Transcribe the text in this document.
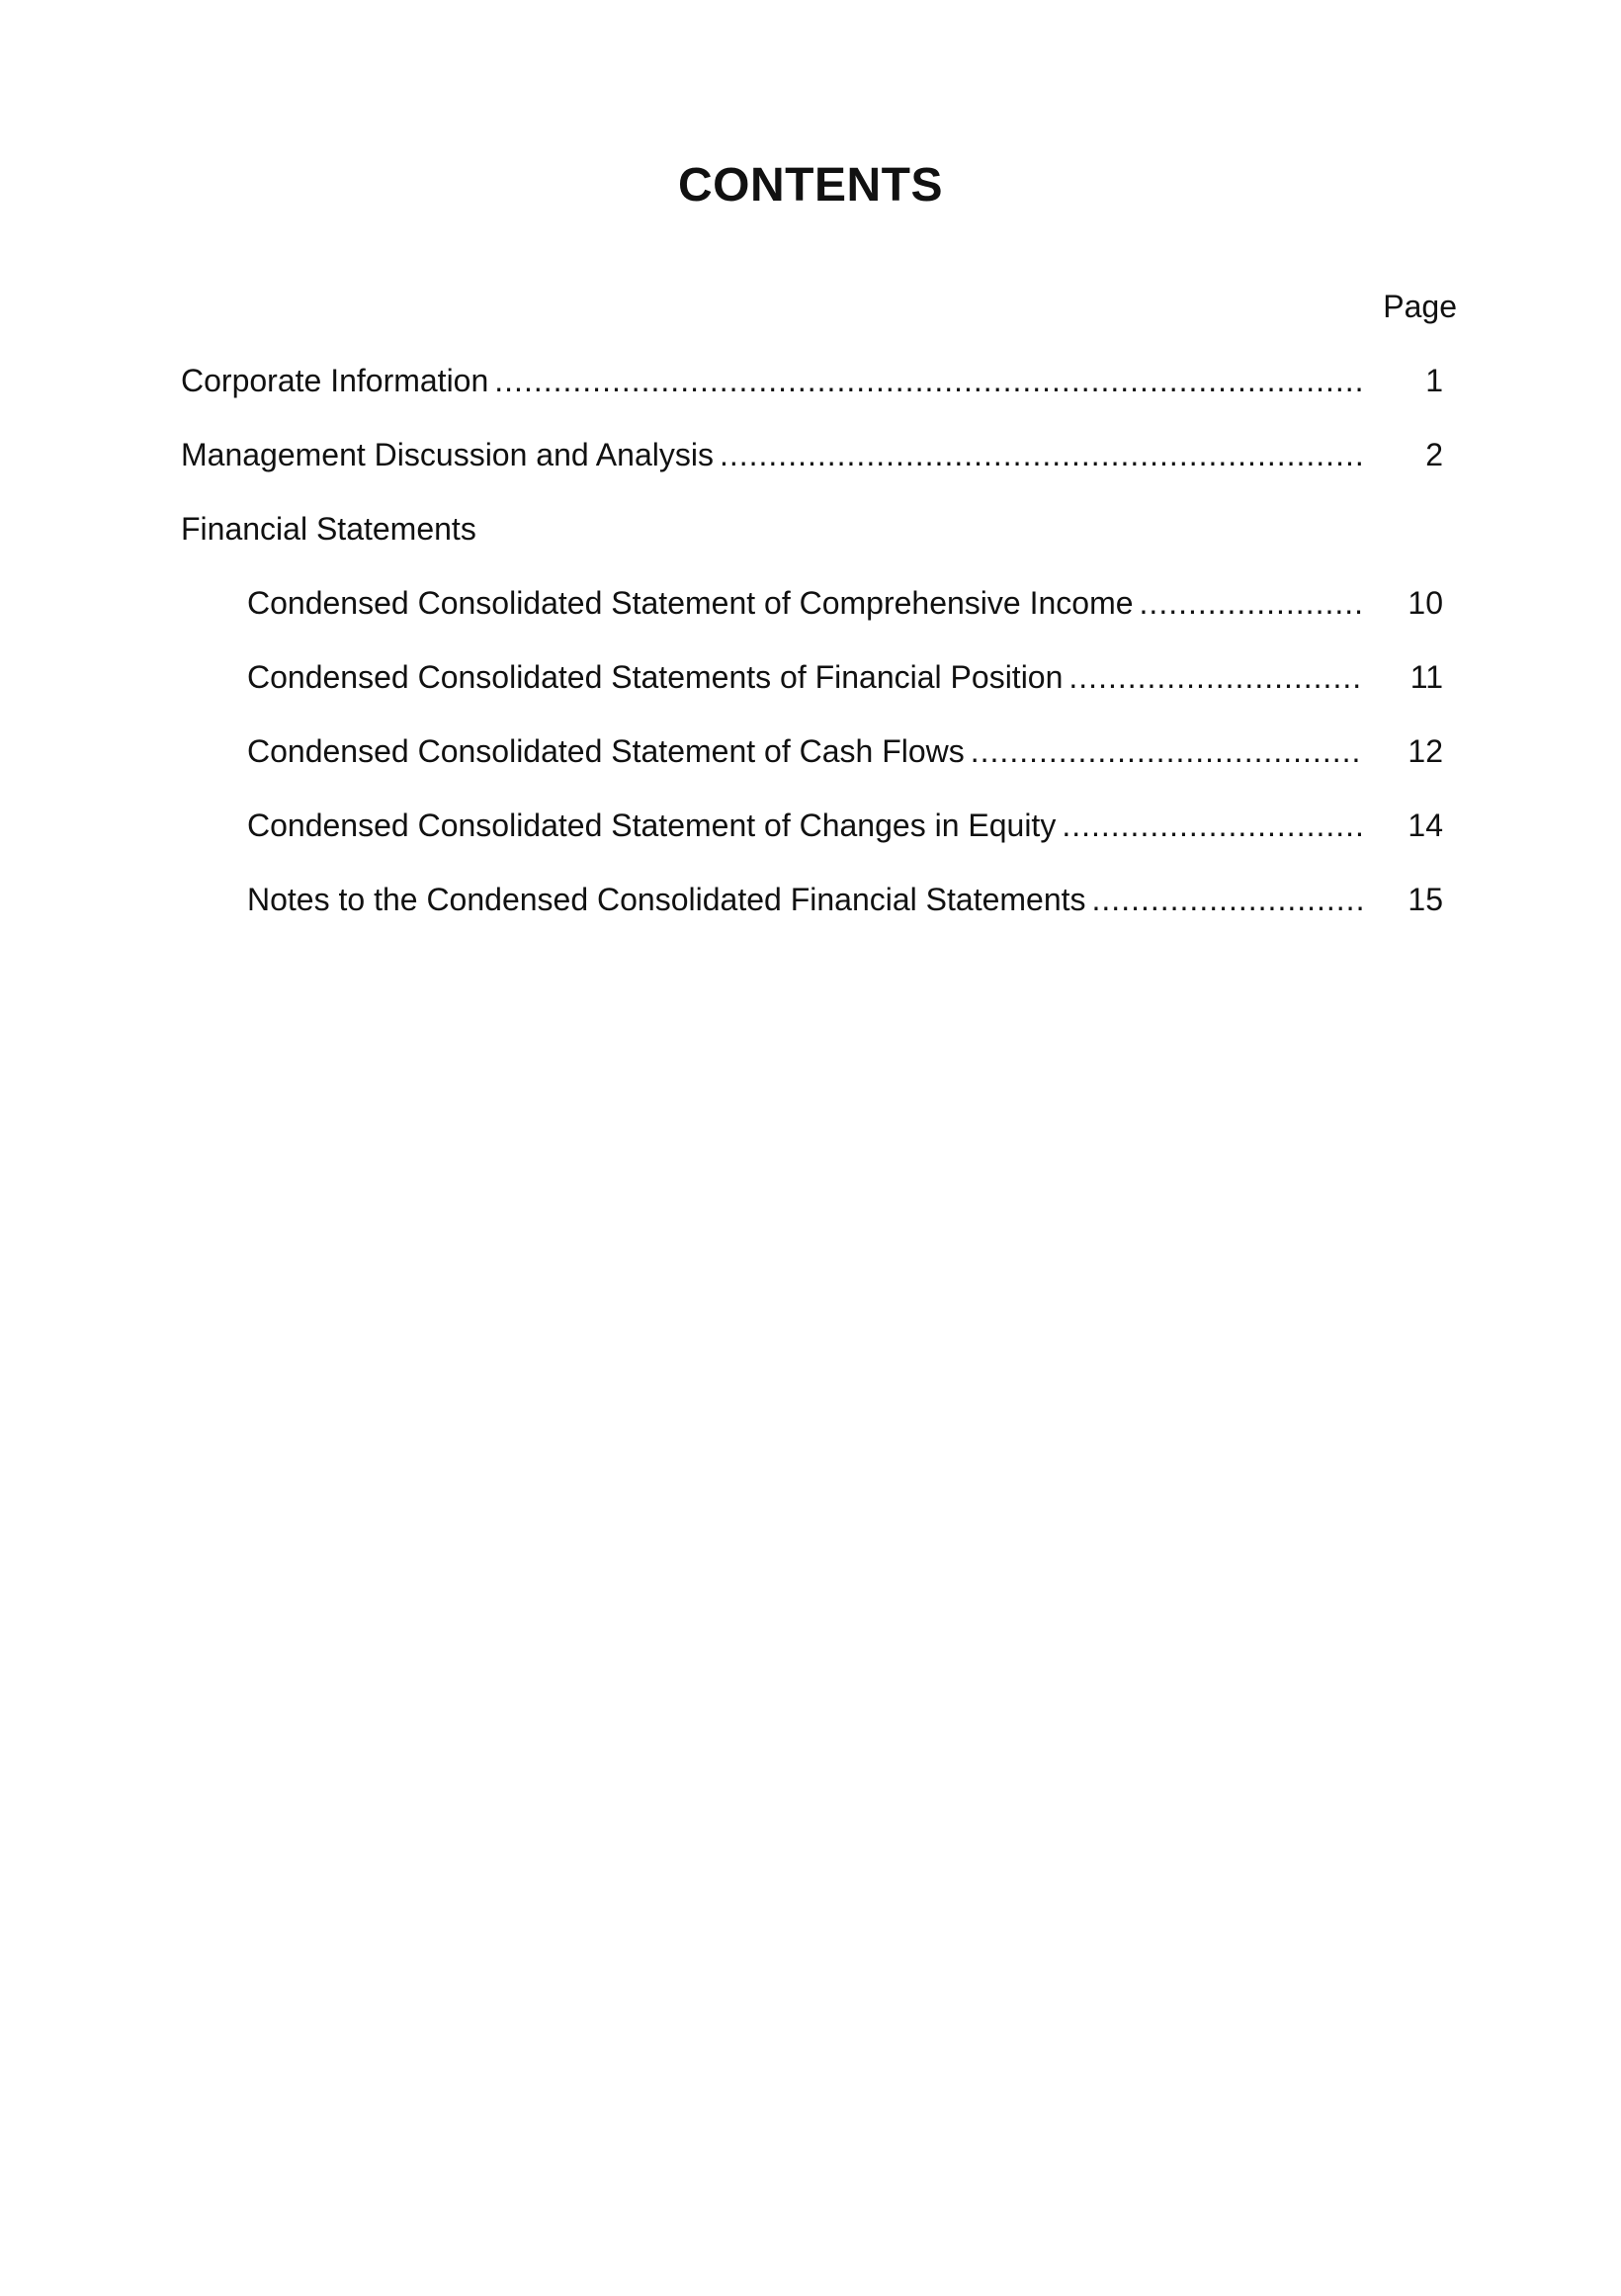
CONTENTS
Page
Corporate Information .....	1
Management Discussion and Analysis .....	2
Financial Statements
Condensed Consolidated Statement of Comprehensive Income .....	10
Condensed Consolidated Statements of Financial Position .....	11
Condensed Consolidated Statement of Cash Flows .....	12
Condensed Consolidated Statement of Changes in Equity .....	14
Notes to the Condensed Consolidated Financial Statements .....	15
